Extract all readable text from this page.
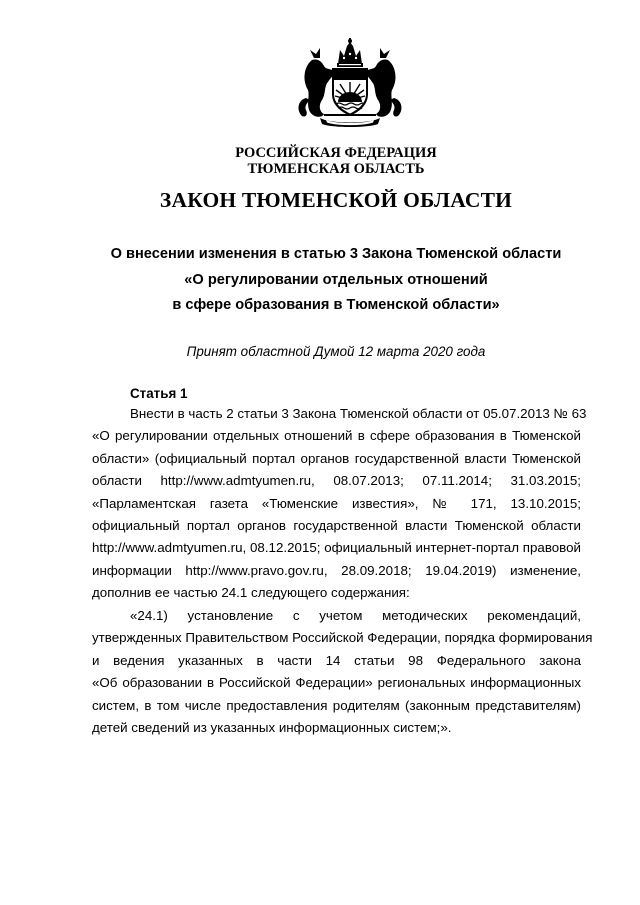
РОССИЙСКАЯ ФЕДЕРАЦИЯ
ТЮМЕНСКАЯ ОБЛАСТЬ
ЗАКОН ТЮМЕНСКОЙ ОБЛАСТИ
О внесении изменения в статью 3 Закона Тюменской области
«О регулировании отдельных отношений
в сфере образования в Тюменской области»
Принят областной Думой 12 марта 2020 года
Статья 1
Внести в часть 2 статьи 3 Закона Тюменской области от 05.07.2013 № 63
«О регулировании отдельных отношений в сфере образования в Тюменской
области» (официальный портал органов государственной власти Тюменской
области http://www.admtyumen.ru, 08.07.2013; 07.11.2014; 31.03.2015;
«Парламентская газета «Тюменские известия», № 171, 13.10.2015;
официальный портал органов государственной власти Тюменской области
http://www.admtyumen.ru, 08.12.2015; официальный интернет-портал правовой
информации http://www.pravo.gov.ru, 28.09.2018; 19.04.2019) изменение,
дополнив ее частью 24.1 следующего содержания:
«24.1) установление с учетом методических рекомендаций,
утвержденных Правительством Российской Федерации, порядка формирования
и ведения указанных в части 14 статьи 98 Федерального закона
«Об образовании в Российской Федерации» региональных информационных
систем, в том числе предоставления родителям (законным представителям)
детей сведений из указанных информационных систем;».
